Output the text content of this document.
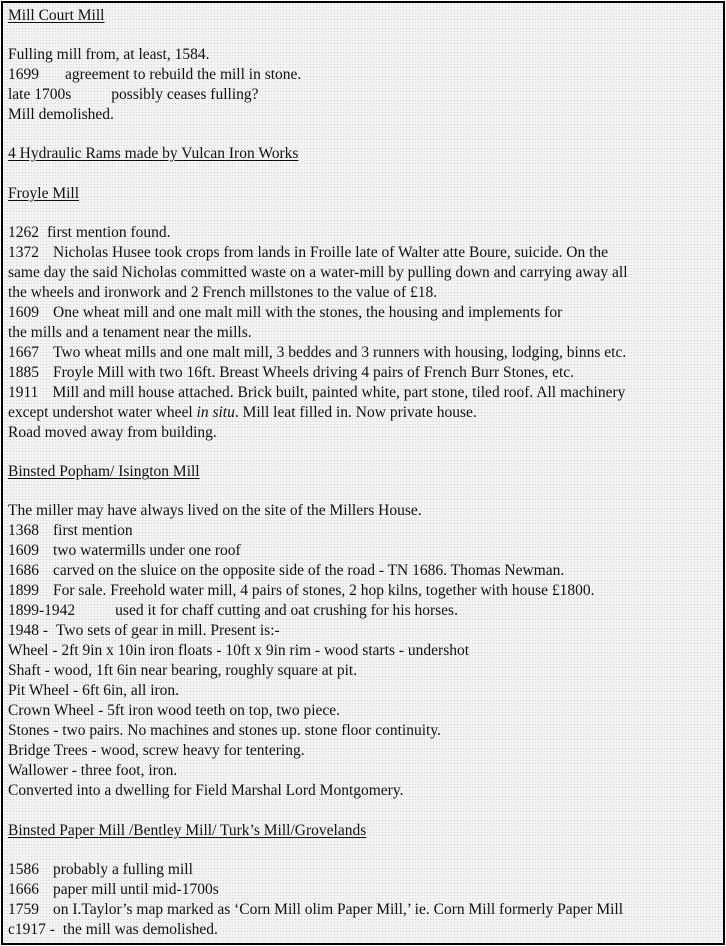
Mill Court Mill
Fulling mill from, at least, 1584.
1699 agreement to rebuild the mill in stone.
late 1700s	possibly ceases fulling?
Mill demolished.
4 Hydraulic Rams made by Vulcan Iron Works
Froyle Mill
1262 first mention found.
1372 Nicholas Husee took crops from lands in Froille late of Walter atte Boure, suicide. On the
same day the said Nicholas committed waste on a water-mill by pulling down and carrying away all
the wheels and ironwork and 2 French millstones to the value of £18.
1609 One wheat mill and one malt mill with the stones, the housing and implements for
the mills and a tenament near the mills.
1667 Two wheat mills and one malt mill, 3 beddes and 3 runners with housing, lodging, binns etc.
1885 Froyle Mill with two 16ft. Breast Wheels driving 4 pairs of French Burr Stones, etc.
1911 Mill and mill house attached. Brick built, painted white, part stone, tiled roof. All machinery
except undershot water wheel in situ. Mill leat filled in. Now private house.
Road moved away from building.
Binsted Popham/ Isington Mill
The miller may have always lived on the site of the Millers House.
1368 first mention
1609 two watermills under one roof
1686 carved on the sluice on the opposite side of the road - TN 1686. Thomas Newman.
1899 For sale. Freehold water mill, 4 pairs of stones, 2 hop kilns, together with house £1800.
1899-1942	used it for chaff cutting and oat crushing for his horses.
1948 - Two sets of gear in mill. Present is:-
Wheel - 2ft 9in x 10in iron floats - 10ft x 9in rim - wood starts - undershot
Shaft - wood, 1ft 6in near bearing, roughly square at pit.
Pit Wheel - 6ft 6in, all iron.
Crown Wheel - 5ft iron wood teeth on top, two piece.
Stones - two pairs. No machines and stones up. stone floor continuity.
Bridge Trees - wood, screw heavy for tentering.
Wallower - three foot, iron.
Converted into a dwelling for Field Marshal Lord Montgomery.
Binsted Paper Mill /Bentley Mill/ Turk’s Mill/Grovelands
1586 probably a fulling mill
1666 paper mill until mid-1700s
1759 on I.Taylor’s map marked as ‘Corn Mill olim Paper Mill,’ ie. Corn Mill formerly Paper Mill
c1917 - the mill was demolished.
